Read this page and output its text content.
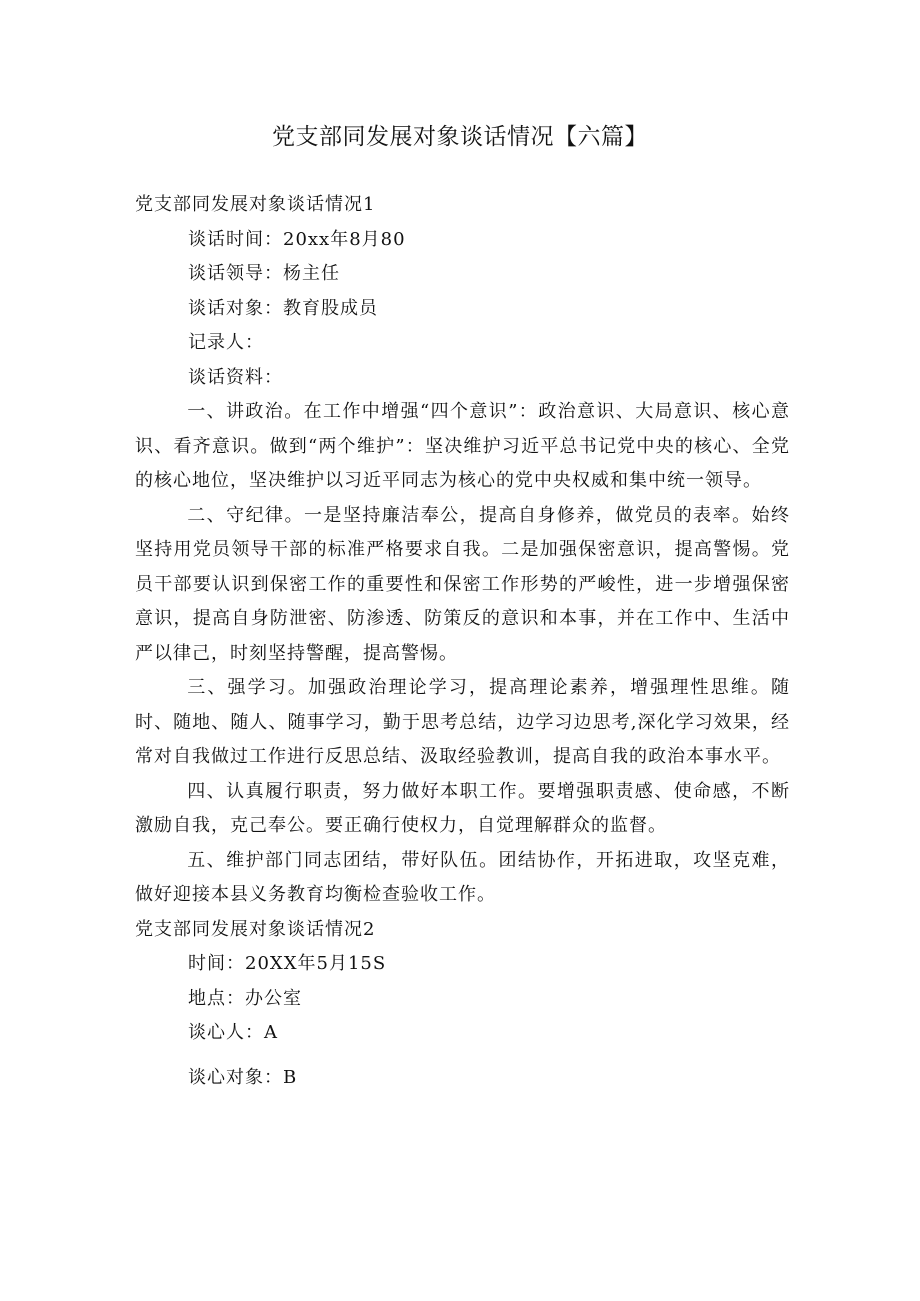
党支部同发展对象谈话情况【六篇】

党支部同发展对象谈话情况1

谈话时间：20xx年8月80

谈话领导：杨主任

谈话对象：教育股成员

记录人：

谈话资料：

一、讲政治。在工作中增强“四个意识”：政治意识、大局意识、核心意识、看齐意识。做到“两个维护”：坚决维护习近平总书记党中央的核心、全党的核心地位，坚决维护以习近平同志为核心的党中央权威和集中统一领导。

二、守纪律。一是坚持廉洁奉公，提高自身修养，做党员的表率。始终坚持用党员领导干部的标准严格要求自我。二是加强保密意识，提高警惕。党员干部要认识到保密工作的重要性和保密工作形势的严峻性，进一步增强保密意识，提高自身防泄密、防渗透、防策反的意识和本事，并在工作中、生活中严以律己，时刻坚持警醒，提高警惕。

三、强学习。加强政治理论学习，提高理论素养，增强理性思维。随时、随地、随人、随事学习，勤于思考总结，边学习边思考,深化学习效果，经常对自我做过工作进行反思总结、汲取经验教训，提高自我的政治本事水平。

四、认真履行职责，努力做好本职工作。要增强职责感、使命感，不断激励自我，克己奉公。要正确行使权力，自觉理解群众的监督。

五、维护部门同志团结，带好队伍。团结协作，开拓进取，攻坚克难，做好迎接本县义务教育均衡检查验收工作。

党支部同发展对象谈话情况2

时间：20XX年5月15S

地点：办公室

谈心人：A

谈心对象：B
